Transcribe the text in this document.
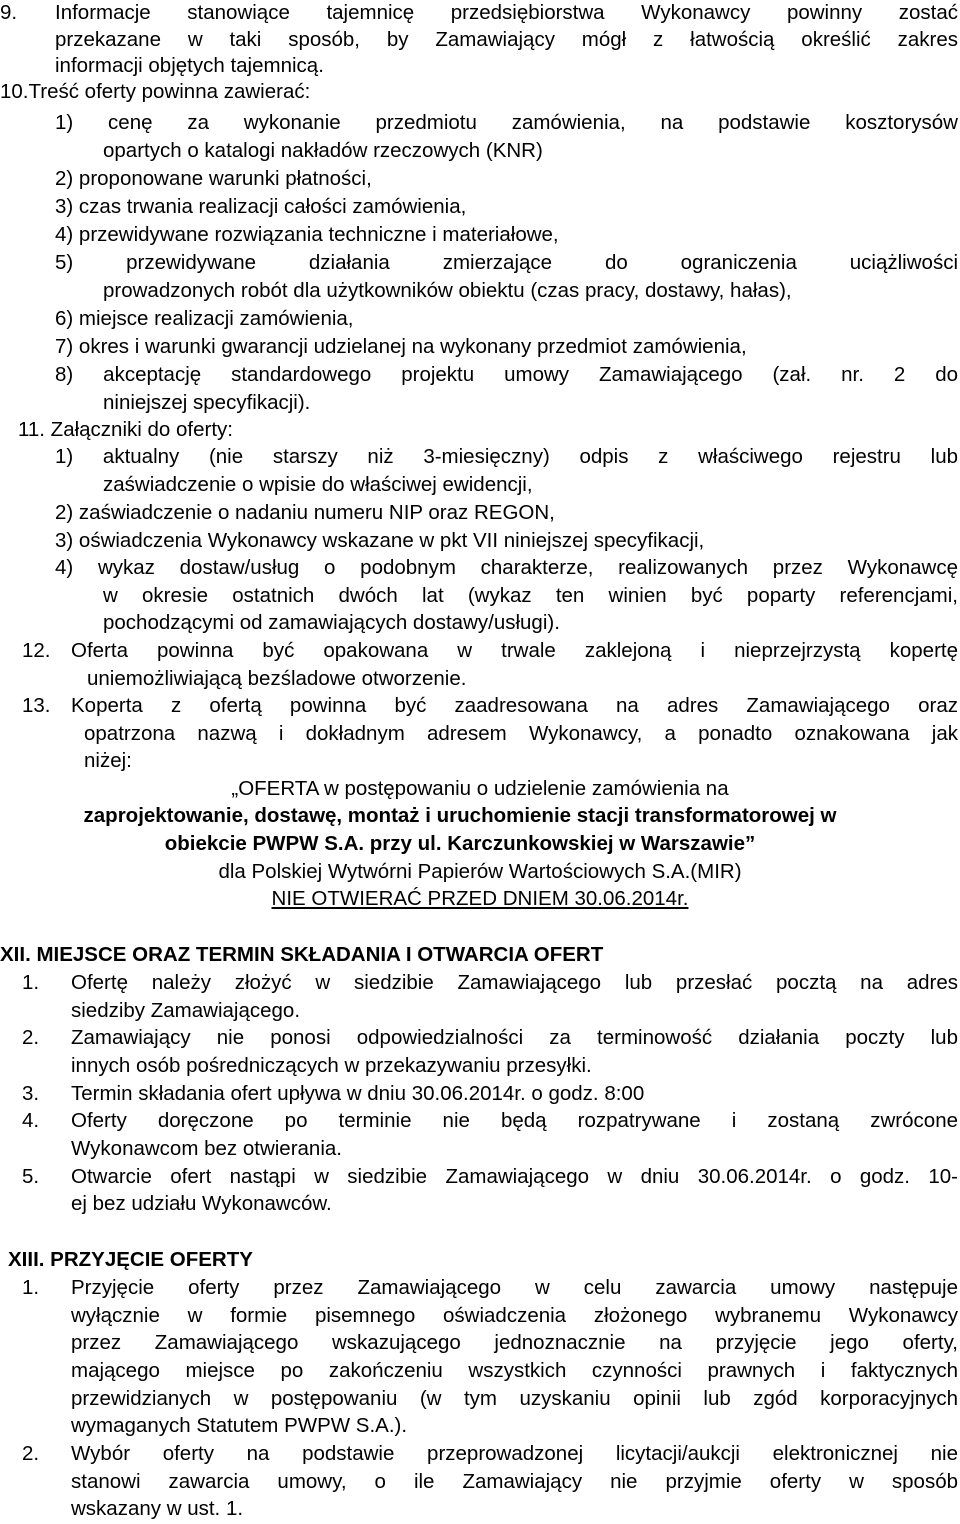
9. Informacje stanowiące tajemnicę przedsiębiorstwa Wykonawcy powinny zostać
przekazane w taki sposób, by Zamawiający mógł z łatwością określić zakres
informacji objętych tajemnicą.
10.Treść oferty powinna zawierać:
1) cenę za wykonanie przedmiotu zamówienia, na podstawie kosztorysów
opartych o katalogi nakładów rzeczowych (KNR)
2) proponowane warunki płatności,
3) czas trwania realizacji całości zamówienia,
4) przewidywane rozwiązania techniczne i materiałowe,
5) przewidywane działania zmierzające do ograniczenia uciążliwości
prowadzonych robót dla użytkowników obiektu (czas pracy, dostawy, hałas),
6) miejsce realizacji zamówienia,
7) okres i warunki gwarancji udzielanej na wykonany przedmiot zamówienia,
8) akceptację standardowego projektu umowy Zamawiającego (zał. nr. 2 do
niniejszej specyfikacji).
11. Załączniki do oferty:
1) aktualny (nie starszy niż 3-miesięczny) odpis z właściwego rejestru lub
zaświadczenie o wpisie do właściwej ewidencji,
2) zaświadczenie o nadaniu numeru NIP oraz REGON,
3) oświadczenia Wykonawcy wskazane w pkt VII niniejszej specyfikacji,
4) wykaz dostaw/usług o podobnym charakterze, realizowanych przez Wykonawcę
w okresie ostatnich dwóch lat (wykaz ten winien być poparty referencjami,
pochodzącymi od zamawiających dostawy/usługi).
12. Oferta powinna być opakowana w trwale zaklejoną i nieprzejrzystą kopertę
uniemożliwiającą bezśladowe otworzenie.
13. Koperta z ofertą powinna być zaadresowana na adres Zamawiającego oraz
opatrzona nazwą i dokładnym adresem Wykonawcy, a ponadto oznakowana jak
niżej:
„OFERTA w postępowaniu o udzielenie zamówienia na
zaprojektowanie, dostawę, montaż i uruchomienie stacji transformatorowej w
obiekcie PWPW S.A. przy ul. Karczunkowskiej w Warszawie”
dla Polskiej Wytwórni Papierów Wartościowych S.A.(MIR)
NIE OTWIERAĆ PRZED DNIEM 30.06.2014r.
XII. MIEJSCE ORAZ TERMIN SKŁADANIA I OTWARCIA OFERT
1. Ofertę należy złożyć w siedzibie Zamawiającego lub przesłać pocztą na adres
siedziby Zamawiającego.
2. Zamawiający nie ponosi odpowiedzialności za terminowość działania poczty lub
innych osób pośredniczących w przekazywaniu przesyłki.
3. Termin składania ofert upływa w dniu 30.06.2014r. o godz. 8:00
4. Oferty doręczone po terminie nie będą rozpatrywane i zostaną zwrócone
Wykonawcom bez otwierania.
5. Otwarcie ofert nastąpi w siedzibie Zamawiającego w dniu 30.06.2014r. o godz. 10-
ej bez udziału Wykonawców.
XIII. PRZYJĘCIE OFERTY
1. Przyjęcie oferty przez Zamawiającego w celu zawarcia umowy następuje
wyłącznie w formie pisemnego oświadczenia złożonego wybranemu Wykonawcy
przez Zamawiającego wskazującego jednoznacznie na przyjęcie jego oferty,
mającego miejsce po zakończeniu wszystkich czynności prawnych i faktycznych
przewidzianych w postępowaniu (w tym uzyskaniu opinii lub zgód korporacyjnych
wymaganych Statutem PWPW S.A.).
2. Wybór oferty na podstawie przeprowadzonej licytacji/aukcji elektronicznej nie
stanowi zawarcia umowy, o ile Zamawiający nie przyjmie oferty w sposób
wskazany w ust. 1.
